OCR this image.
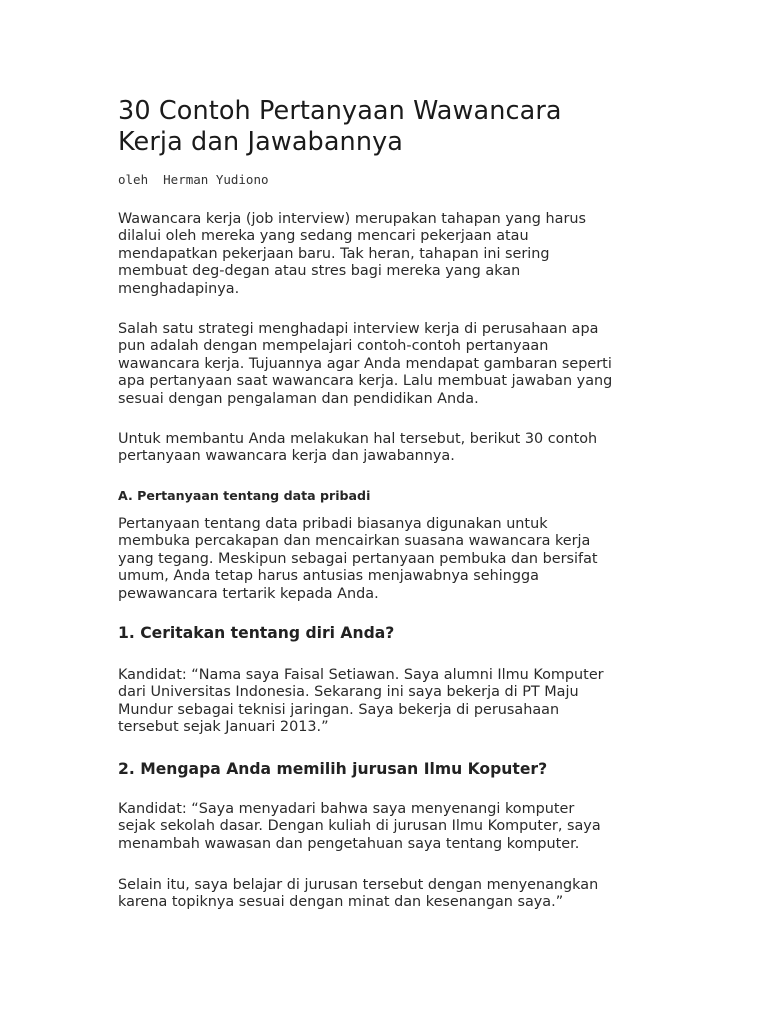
30 Contoh Pertanyaan Wawancara
Kerja dan Jawabannya

oleh  Herman Yudiono

Wawancara kerja (job interview) merupakan tahapan yang harus
dilalui oleh mereka yang sedang mencari pekerjaan atau
mendapatkan pekerjaan baru. Tak heran, tahapan ini sering
membuat deg-degan atau stres bagi mereka yang akan
menghadapinya.

Salah satu strategi menghadapi interview kerja di perusahaan apa
pun adalah dengan mempelajari contoh-contoh pertanyaan
wawancara kerja. Tujuannya agar Anda mendapat gambaran seperti
apa pertanyaan saat wawancara kerja. Lalu membuat jawaban yang
sesuai dengan pengalaman dan pendidikan Anda.

Untuk membantu Anda melakukan hal tersebut, berikut 30 contoh
pertanyaan wawancara kerja dan jawabannya.

A. Pertanyaan tentang data pribadi

Pertanyaan tentang data pribadi biasanya digunakan untuk
membuka percakapan dan mencairkan suasana wawancara kerja
yang tegang. Meskipun sebagai pertanyaan pembuka dan bersifat
umum, Anda tetap harus antusias menjawabnya sehingga
pewawancara tertarik kepada Anda.

1. Ceritakan tentang diri Anda?

Kandidat: “Nama saya Faisal Setiawan. Saya alumni Ilmu Komputer
dari Universitas Indonesia. Sekarang ini saya bekerja di PT Maju
Mundur sebagai teknisi jaringan. Saya bekerja di perusahaan
tersebut sejak Januari 2013.”

2. Mengapa Anda memilih jurusan Ilmu Koputer?

Kandidat: “Saya menyadari bahwa saya menyenangi komputer
sejak sekolah dasar. Dengan kuliah di jurusan Ilmu Komputer, saya
menambah wawasan dan pengetahuan saya tentang komputer.

Selain itu, saya belajar di jurusan tersebut dengan menyenangkan
karena topiknya sesuai dengan minat dan kesenangan saya.”
